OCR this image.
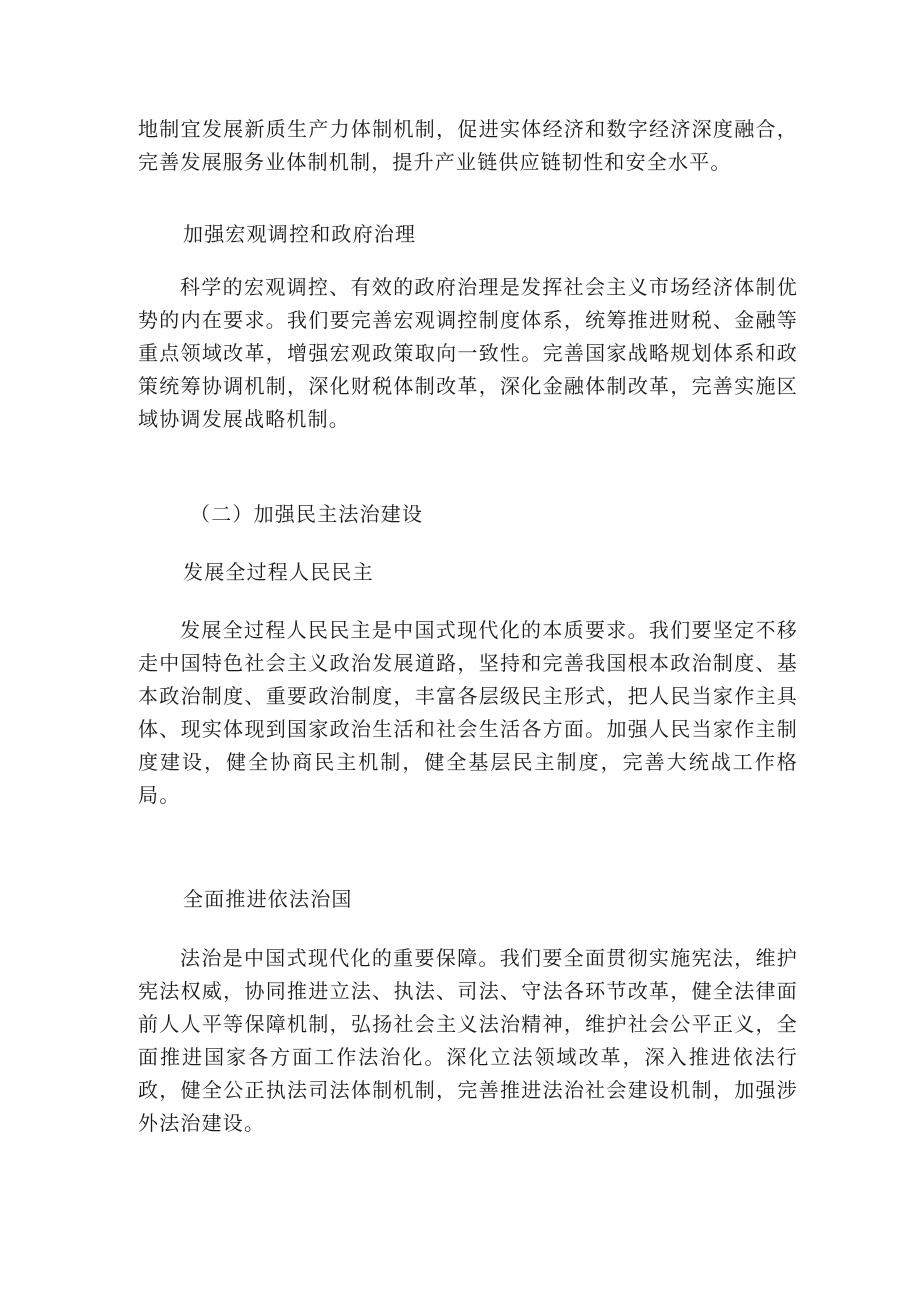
地制宜发展新质生产力体制机制，促进实体经济和数字经济深度融合，完善发展服务业体制机制，提升产业链供应链韧性和安全水平。

加强宏观调控和政府治理

科学的宏观调控、有效的政府治理是发挥社会主义市场经济体制优势的内在要求。我们要完善宏观调控制度体系，统筹推进财税、金融等重点领域改革，增强宏观政策取向一致性。完善国家战略规划体系和政策统筹协调机制，深化财税体制改革，深化金融体制改革，完善实施区域协调发展战略机制。

（二）加强民主法治建设

发展全过程人民民主

发展全过程人民民主是中国式现代化的本质要求。我们要坚定不移走中国特色社会主义政治发展道路，坚持和完善我国根本政治制度、基本政治制度、重要政治制度，丰富各层级民主形式，把人民当家作主具体、现实体现到国家政治生活和社会生活各方面。加强人民当家作主制度建设，健全协商民主机制，健全基层民主制度，完善大统战工作格局。

全面推进依法治国

法治是中国式现代化的重要保障。我们要全面贯彻实施宪法，维护宪法权威，协同推进立法、执法、司法、守法各环节改革，健全法律面前人人平等保障机制，弘扬社会主义法治精神，维护社会公平正义，全面推进国家各方面工作法治化。深化立法领域改革，深入推进依法行政，健全公正执法司法体制机制，完善推进法治社会建设机制，加强涉外法治建设。
